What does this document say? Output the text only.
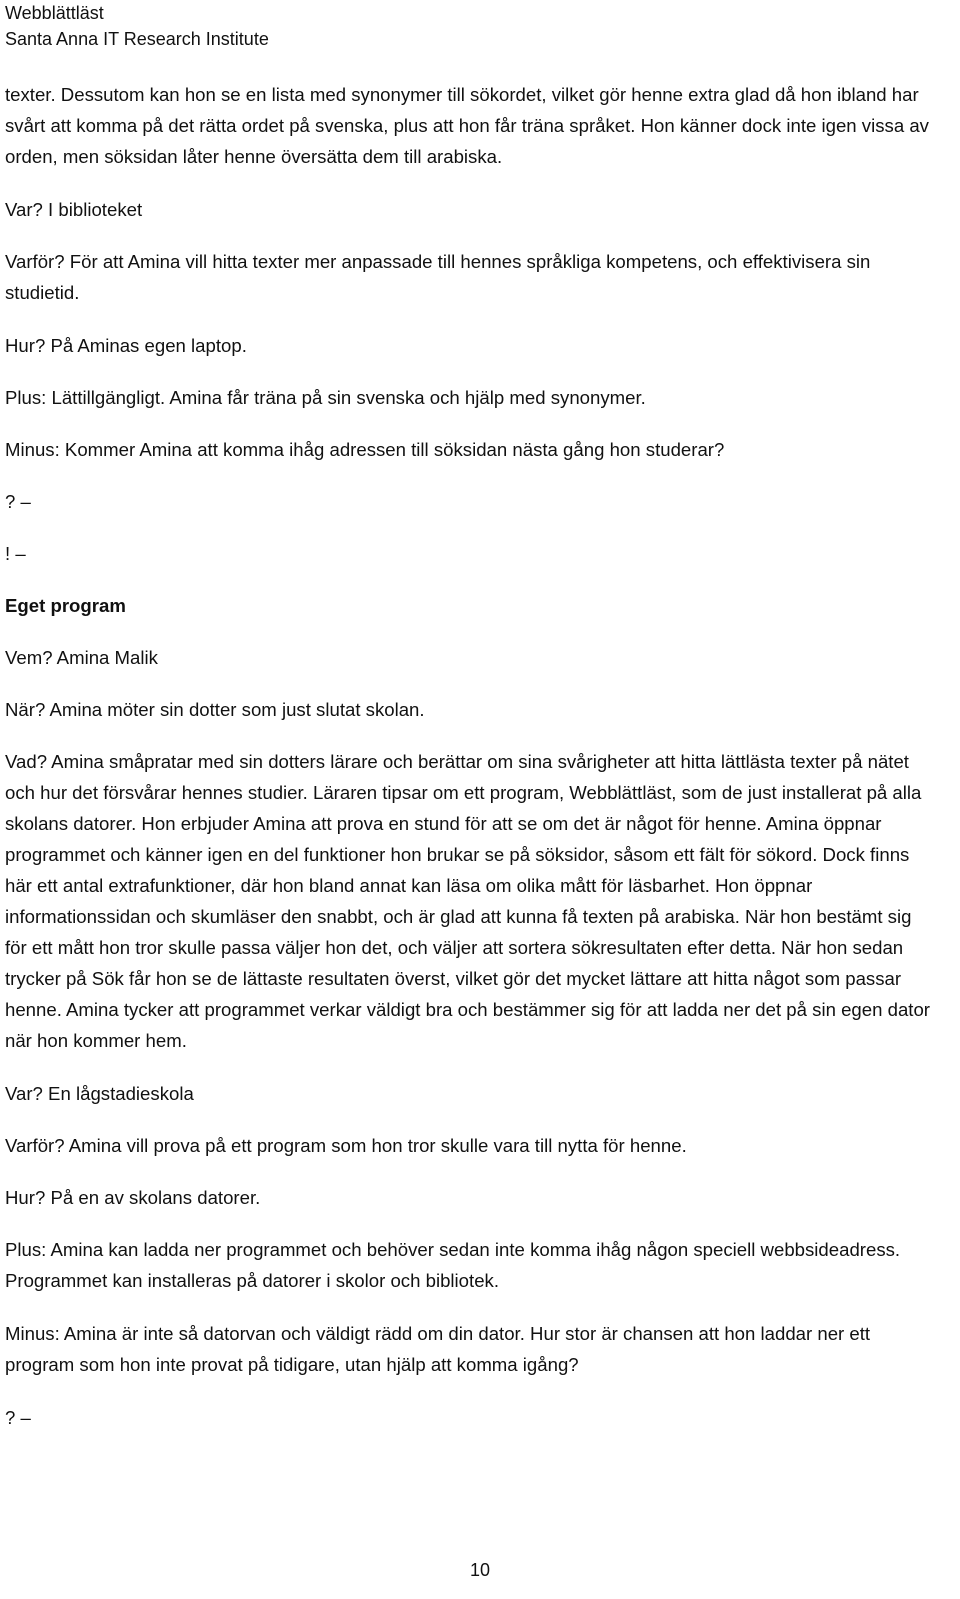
Webblättläst
Santa Anna IT Research Institute

texter. Dessutom kan hon se en lista med synonymer till sökordet, vilket gör henne extra glad då hon ibland har svårt att komma på det rätta ordet på svenska, plus att hon får träna språket. Hon känner dock inte igen vissa av orden, men söksidan låter henne översätta dem till arabiska.

Var? I biblioteket

Varför? För att Amina vill hitta texter mer anpassade till hennes språkliga kompetens, och effektivisera sin studietid.

Hur? På Aminas egen laptop.

Plus: Lättillgängligt. Amina får träna på sin svenska och hjälp med synonymer.

Minus: Kommer Amina att komma ihåg adressen till söksidan nästa gång hon studerar?

? –

! –

Eget program

Vem? Amina Malik

När? Amina möter sin dotter som just slutat skolan.

Vad? Amina småpratar med sin dotters lärare och berättar om sina svårigheter att hitta lättlästa texter på nätet och hur det försvårar hennes studier. Läraren tipsar om ett program, Webblättläst, som de just installerat på alla skolans datorer. Hon erbjuder Amina att prova en stund för att se om det är något för henne. Amina öppnar programmet och känner igen en del funktioner hon brukar se på söksidor, såsom ett fält för sökord. Dock finns här ett antal extrafunktioner, där hon bland annat kan läsa om olika mått för läsbarhet. Hon öppnar informationssidan och skumläser den snabbt, och är glad att kunna få texten på arabiska. När hon bestämt sig för ett mått hon tror skulle passa väljer hon det, och väljer att sortera sökresultaten efter detta. När hon sedan trycker på Sök får hon se de lättaste resultaten överst, vilket gör det mycket lättare att hitta något som passar henne. Amina tycker att programmet verkar väldigt bra och bestämmer sig för att ladda ner det på sin egen dator när hon kommer hem.

Var? En lågstadieskola

Varför? Amina vill prova på ett program som hon tror skulle vara till nytta för henne.

Hur? På en av skolans datorer.

Plus: Amina kan ladda ner programmet och behöver sedan inte komma ihåg någon speciell webbsideadress. Programmet kan installeras på datorer i skolor och bibliotek.

Minus: Amina är inte så datorvan och väldigt rädd om din dator. Hur stor är chansen att hon laddar ner ett program som hon inte provat på tidigare, utan hjälp att komma igång?

? –

10
